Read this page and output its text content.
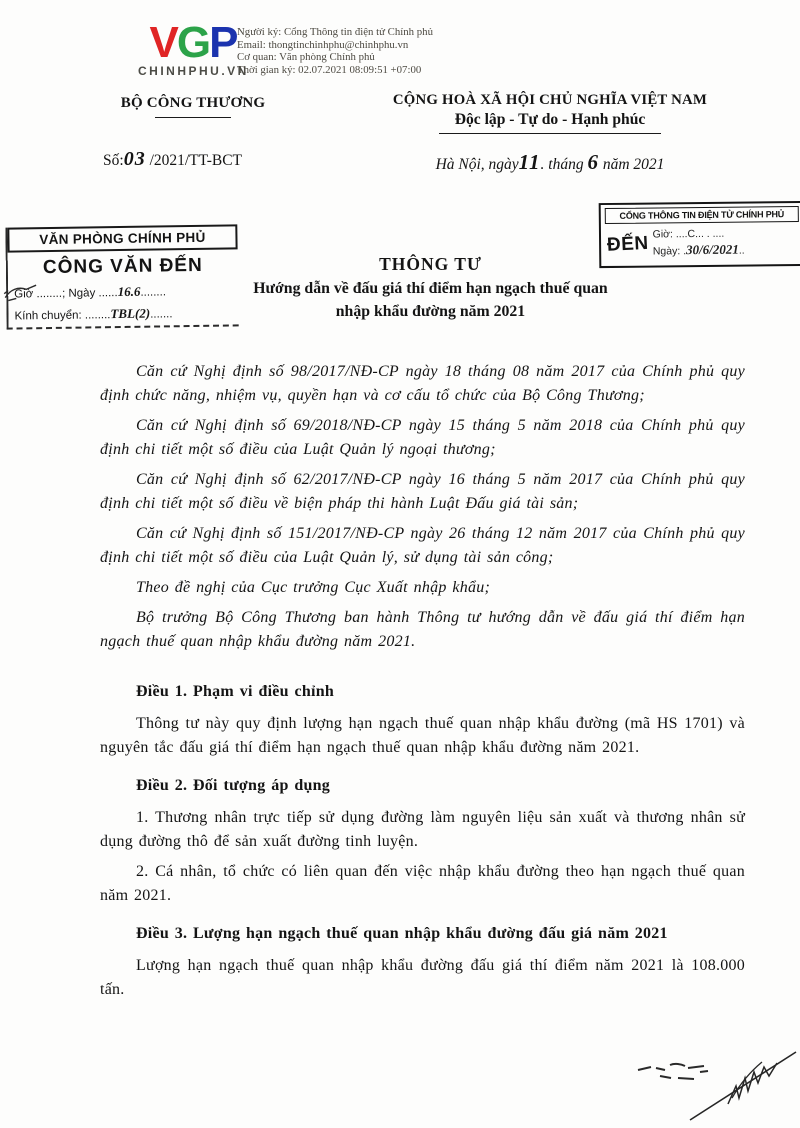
VGP
CHINHPHU.VN
Người ký: Cổng Thông tin điện tử Chính phủ
Email: thongtinchinhphu@chinhphu.vn
Cơ quan: Văn phòng Chính phủ
Thời gian ký: 02.07.2021 08:09:51 +07:00
BỘ CÔNG THƯƠNG	CỘNG HOÀ XÃ HỘI CHỦ NGHĨA VIỆT NAM
Độc lập - Tự do - Hạnh phúc
Số:03 /2021/TT-BCT	Hà Nội, ngày11. tháng 6 năm 2021
CỔNG THÔNG TIN ĐIỆN TỬ CHÍNH PHỦ
ĐẾN Giờ: ....C... . ....
Ngày: .30/6/2021..
VĂN PHÒNG CHÍNH PHỦ
CÔNG VĂN ĐẾN
Giờ ........; Ngày ......16.6........
Kính chuyển: ........TBL(2).......
THÔNG TƯ
Hướng dẫn về đấu giá thí điểm hạn ngạch thuế quan
nhập khẩu đường năm 2021

Căn cứ Nghị định số 98/2017/NĐ-CP ngày 18 tháng 08 năm 2017 của Chính phủ quy định chức năng, nhiệm vụ, quyền hạn và cơ cấu tổ chức của Bộ Công Thương;

Căn cứ Nghị định số 69/2018/NĐ-CP ngày 15 tháng 5 năm 2018 của Chính phủ quy định chi tiết một số điều của Luật Quản lý ngoại thương;

Căn cứ Nghị định số 62/2017/NĐ-CP ngày 16 tháng 5 năm 2017 của Chính phủ quy định chi tiết một số điều về biện pháp thi hành Luật Đấu giá tài sản;

Căn cứ Nghị định số 151/2017/NĐ-CP ngày 26 tháng 12 năm 2017 của Chính phủ quy định chi tiết một số điều của Luật Quản lý, sử dụng tài sản công;

Theo đề nghị của Cục trưởng Cục Xuất nhập khẩu;

Bộ trưởng Bộ Công Thương ban hành Thông tư hướng dẫn về đấu giá thí điểm hạn ngạch thuế quan nhập khẩu đường năm 2021.

Điều 1. Phạm vi điều chỉnh

Thông tư này quy định lượng hạn ngạch thuế quan nhập khẩu đường (mã HS 1701) và nguyên tắc đấu giá thí điểm hạn ngạch thuế quan nhập khẩu đường năm 2021.

Điều 2. Đối tượng áp dụng

1. Thương nhân trực tiếp sử dụng đường làm nguyên liệu sản xuất và thương nhân sử dụng đường thô để sản xuất đường tinh luyện.

2. Cá nhân, tổ chức có liên quan đến việc nhập khẩu đường theo hạn ngạch thuế quan năm 2021.

Điều 3. Lượng hạn ngạch thuế quan nhập khẩu đường đấu giá năm 2021

Lượng hạn ngạch thuế quan nhập khẩu đường đấu giá thí điểm năm 2021 là 108.000 tấn.
